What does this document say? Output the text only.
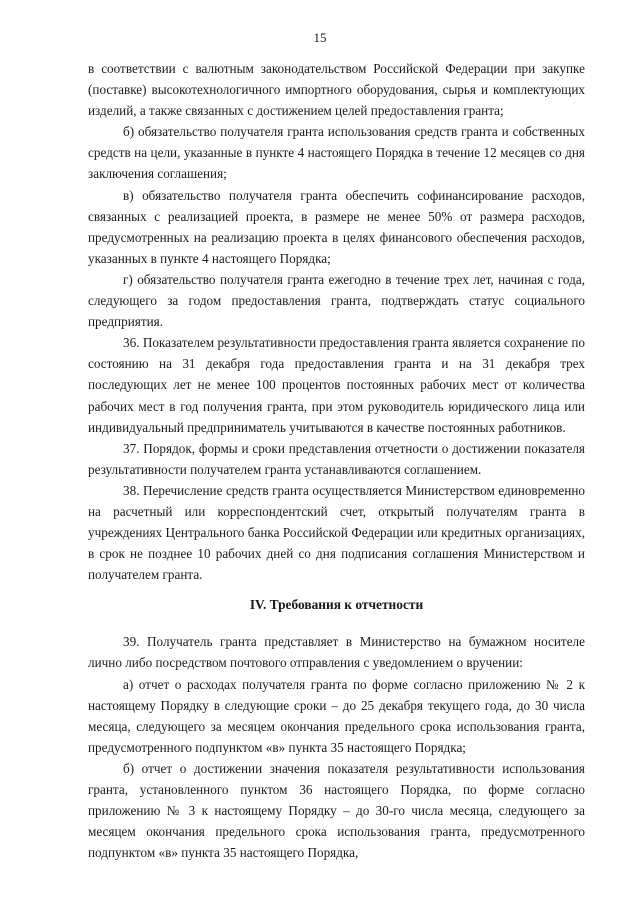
15

в соответствии с валютным законодательством Российской Федерации при закупке (поставке) высокотехнологичного импортного оборудования, сырья и комплектующих изделий, а также связанных с достижением целей предоставления гранта;

б) обязательство получателя гранта использования средств гранта и собственных средств на цели, указанные в пункте 4 настоящего Порядка в течение 12 месяцев со дня заключения соглашения;

в) обязательство получателя гранта обеспечить софинансирование расходов, связанных с реализацией проекта, в размере не менее 50% от размера расходов, предусмотренных на реализацию проекта в целях финансового обеспечения расходов, указанных в пункте 4 настоящего Порядка;

г) обязательство получателя гранта ежегодно в течение трех лет, начиная с года, следующего за годом предоставления гранта, подтверждать статус социального предприятия.

36. Показателем результативности предоставления гранта является сохранение по состоянию на 31 декабря года предоставления гранта и на 31 декабря трех последующих лет не менее 100 процентов постоянных рабочих мест от количества рабочих мест в год получения гранта, при этом руководитель юридического лица или индивидуальный предприниматель учитываются в качестве постоянных работников.

37. Порядок, формы и сроки представления отчетности о достижении показателя результативности получателем гранта устанавливаются соглашением.

38. Перечисление средств гранта осуществляется Министерством единовременно на расчетный или корреспондентский счет, открытый получателям гранта в учреждениях Центрального банка Российской Федерации или кредитных организациях, в срок не позднее 10 рабочих дней со дня подписания соглашения Министерством и получателем гранта.

IV. Требования к отчетности

39. Получатель гранта представляет в Министерство на бумажном носителе лично либо посредством почтового отправления с уведомлением о вручении:

а) отчет о расходах получателя гранта по форме согласно приложению № 2 к настоящему Порядку в следующие сроки – до 25 декабря текущего года, до 30 числа месяца, следующего за месяцем окончания предельного срока использования гранта, предусмотренного подпунктом «в» пункта 35 настоящего Порядка;

б) отчет о достижении значения показателя результативности использования гранта, установленного пунктом 36 настоящего Порядка, по форме согласно приложению № 3 к настоящему Порядку – до 30-го числа месяца, следующего за месяцем окончания предельного срока использования гранта, предусмотренного подпунктом «в» пункта 35 настоящего Порядка,
